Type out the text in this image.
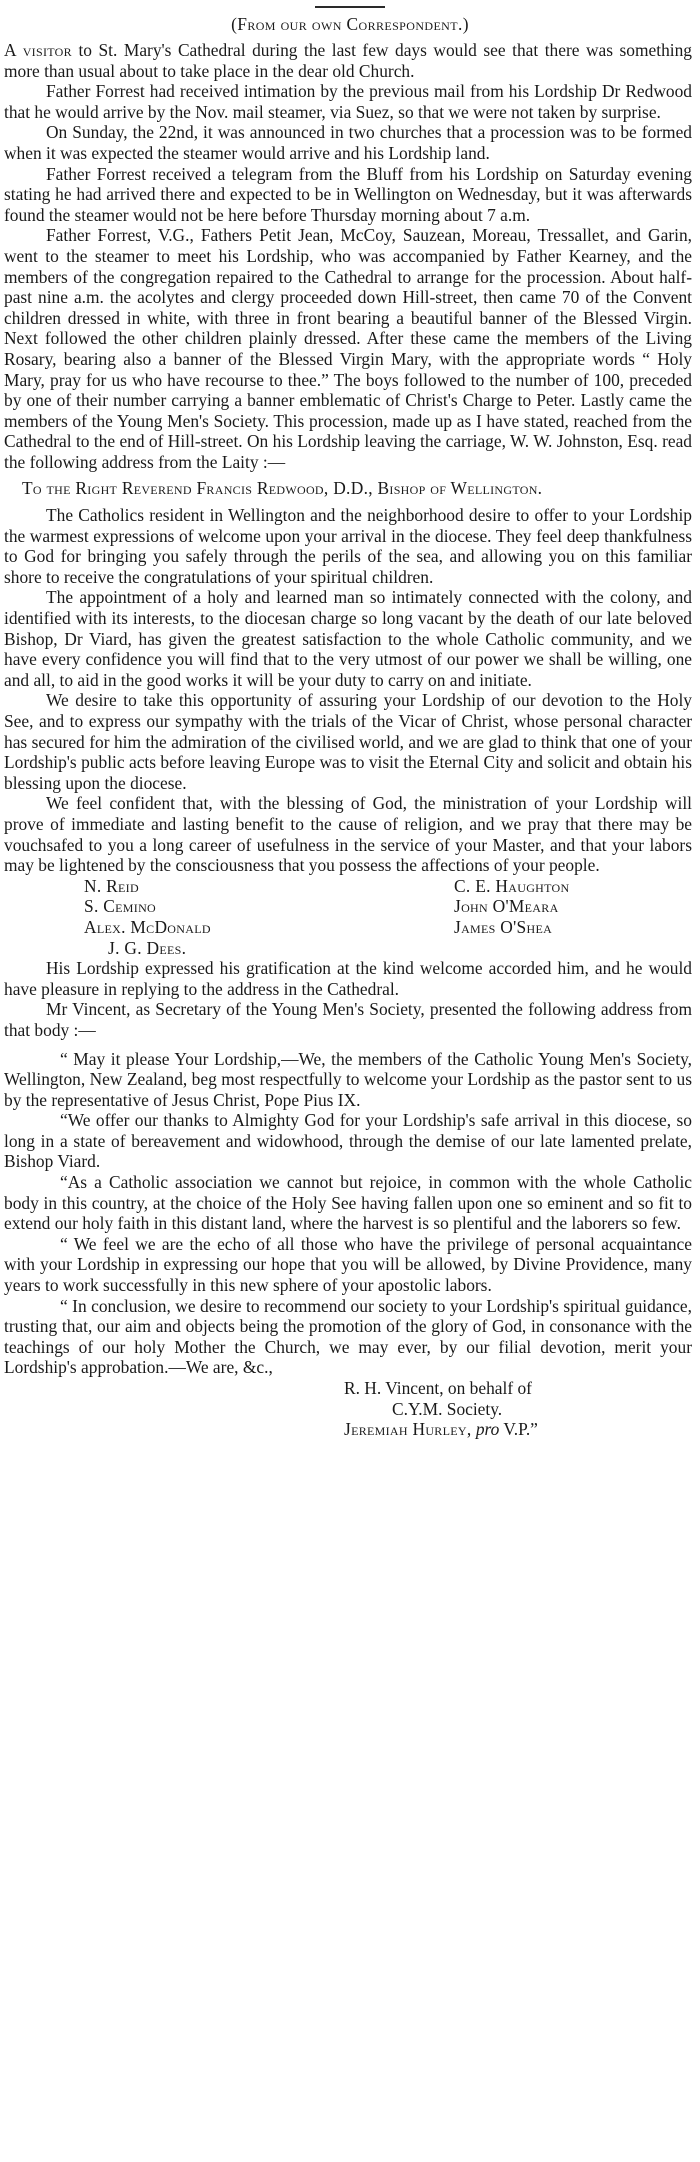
(From our own Correspondent.)

A visitor to St. Mary's Cathedral during the last few days would see that there was something more than usual about to take place in the dear old Church.

Father Forrest had received intimation by the previous mail from his Lordship Dr Redwood that he would arrive by the Nov. mail steamer, via Suez, so that we were not taken by surprise.

On Sunday, the 22nd, it was announced in two churches that a procession was to be formed when it was expected the steamer would arrive and his Lordship land.

Father Forrest received a telegram from the Bluff from his Lordship on Saturday evening stating he had arrived there and expected to be in Wellington on Wednesday, but it was afterwards found the steamer would not be here before Thursday morning about 7 a.m.

Father Forrest, V.G., Fathers Petit Jean, McCoy, Sauzean, Moreau, Tressallet, and Garin, went to the steamer to meet his Lordship, who was accompanied by Father Kearney, and the members of the congregation repaired to the Cathedral to arrange for the procession. About half-past nine a.m. the acolytes and clergy proceeded down Hill-street, then came 70 of the Convent children dressed in white, with three in front bearing a beautiful banner of the Blessed Virgin. Next followed the other children plainly dressed. After these came the members of the Living Rosary, bearing also a banner of the Blessed Virgin Mary, with the appropriate words “ Holy Mary, pray for us who have recourse to thee.” The boys followed to the number of 100, preceded by one of their number carrying a banner emblematic of Christ's Charge to Peter. Lastly came the members of the Young Men's Society. This procession, made up as I have stated, reached from the Cathedral to the end of Hill-street. On his Lordship leaving the carriage, W. W. Johnston, Esq. read the following address from the Laity :—

To the Right Reverend Francis Redwood, D.D., Bishop of Wellington.

The Catholics resident in Wellington and the neighborhood desire to offer to your Lordship the warmest expressions of welcome upon your arrival in the diocese. They feel deep thankfulness to God for bringing you safely through the perils of the sea, and allowing you on this familiar shore to receive the congratulations of your spiritual children.

The appointment of a holy and learned man so intimately connected with the colony, and identified with its interests, to the diocesan charge so long vacant by the death of our late beloved Bishop, Dr Viard, has given the greatest satisfaction to the whole Catholic community, and we have every confidence you will find that to the very utmost of our power we shall be willing, one and all, to aid in the good works it will be your duty to carry on and initiate.

We desire to take this opportunity of assuring your Lordship of our devotion to the Holy See, and to express our sympathy with the trials of the Vicar of Christ, whose personal character has secured for him the admiration of the civilised world, and we are glad to think that one of your Lordship's public acts before leaving Europe was to visit the Eternal City and solicit and obtain his blessing upon the diocese.

We feel confident that, with the blessing of God, the ministration of your Lordship will prove of immediate and lasting benefit to the cause of religion, and we pray that there may be vouchsafed to you a long career of usefulness in the service of your Master, and that your labors may be lightened by the consciousness that you possess the affections of your people.

N. Reid
S. Cemino
Alex. McDonald
J. G. Dees.
C. E. Haughton
John O'Meara
James O'Shea

His Lordship expressed his gratification at the kind welcome accorded him, and he would have pleasure in replying to the address in the Cathedral.

Mr Vincent, as Secretary of the Young Men's Society, presented the following address from that body :—

“ May it please Your Lordship,—We, the members of the Catholic Young Men's Society, Wellington, New Zealand, beg most respectfully to welcome your Lordship as the pastor sent to us by the representative of Jesus Christ, Pope Pius IX.

“We offer our thanks to Almighty God for your Lordship's safe arrival in this diocese, so long in a state of bereavement and widowhood, through the demise of our late lamented prelate, Bishop Viard.

“As a Catholic association we cannot but rejoice, in common with the whole Catholic body in this country, at the choice of the Holy See having fallen upon one so eminent and so fit to extend our holy faith in this distant land, where the harvest is so plentiful and the laborers so few.

“ We feel we are the echo of all those who have the privilege of personal acquaintance with your Lordship in expressing our hope that you will be allowed, by Divine Providence, many years to work successfully in this new sphere of your apostolic labors.

“ In conclusion, we desire to recommend our society to your Lordship's spiritual guidance, trusting that, our aim and objects being the promotion of the glory of God, in consonance with the teachings of our holy Mother the Church, we may ever, by our filial devotion, merit your Lordship's approbation.—We are, &c.,

R. H. Vincent, on behalf of
C.Y.M. Society.
Jeremiah Hurley, pro V.P.”
